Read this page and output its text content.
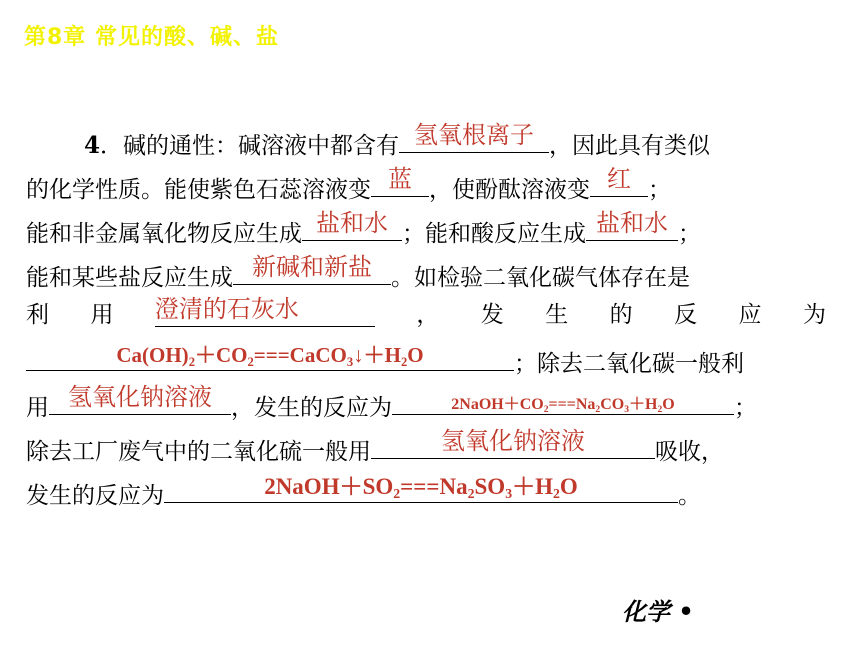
第8章 常见的酸、碱、盐
4．碱的通性：碱溶液中都含有 氢氧根离子 ，因此具有类似
的化学性质。能使紫色石蕊溶液变 蓝 ，使酚酞溶液变 红 ；
能和非金属氧化物反应生成 盐和水 ；能和酸反应生成 盐和水 ；
能和某些盐反应生成 新碱和新盐 。如检验二氧化碳气体存在是
利 用 澄清的石灰水	， 发 生 的 反 应 为
$Ca(OH)_2+CO_2===CaCO_3↓+H_2O$	；除去二氧化碳一般利
用 氢氧化钠溶液 ，发生的反应为	$2NaOH+CO_2===Na_2CO_3+H_2O$	；
除去工厂废气中的二氧化硫一般用	氢氧化钠溶液	吸收，
发生的反应为	$2NaOH+SO_2===Na_2SO_3+H_2O$	。
化学 •
